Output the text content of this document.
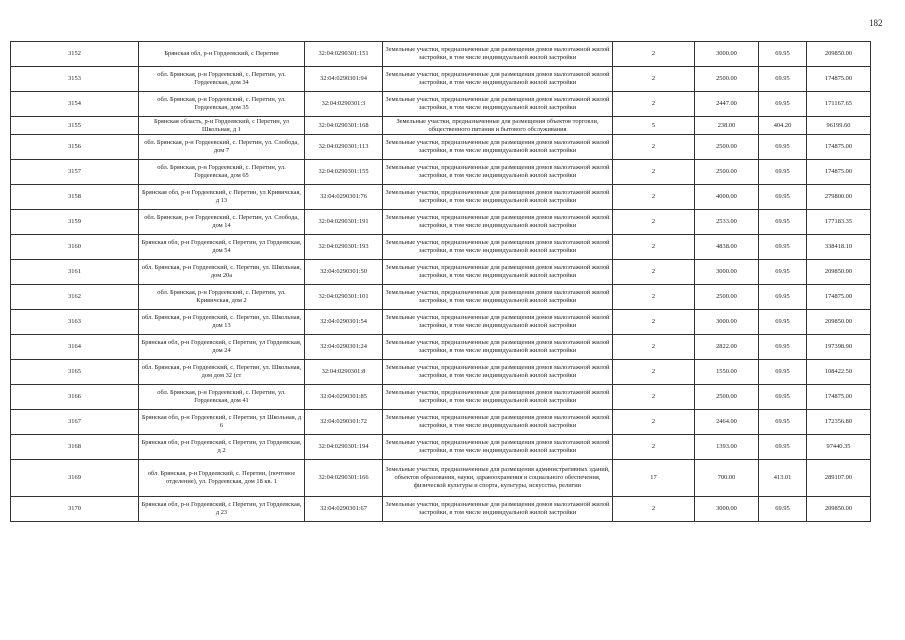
182
3152	Брянская обл, р-н Гордеевский, с Перетин	32:04:0290301:151	Земельные участки, предназначенные для размещения домов малоэтажной жилой застройки, в том числе индивидуальной жилой застройки	2	3000.00	69.95	209850.00
3153	обл. Брянская, р-н Гордеевский, с. Перетин, ул. Гордеевская, дом 34	32:04:0290301:94	Земельные участки, предназначенные для размещения домов малоэтажной жилой застройки, в том числе индивидуальной жилой застройки	2	2500.00	69.95	174875.00
3154	обл. Брянская, р-н Гордеевский, с. Перетин, ул. Гордеевская, дом 35	32:04:0290301:3	Земельные участки, предназначенные для размещения домов малоэтажной жилой застройки, в том числе индивидуальной жилой застройки	2	2447.00	69.95	171167.65
3155	Брянская область, р-н Гордеевский, с Перетин, ул Школьная, д 1	32:04:0290301:168	Земельные участки, предназначенные для размещения объектов торговли, общественного питания и бытового обслуживания	5	238.00	404.20	96199.60
3156	обл. Брянская, р-н Гордеевский, с. Перетин, ул. Слобода, дом 7	32:04:0290301:113	Земельные участки, предназначенные для размещения домов малоэтажной жилой застройки, в том числе индивидуальной жилой застройки	2	2500.00	69.95	174875.00
3157	обл. Брянская, р-н Гордеевский, с. Перетин, ул. Гордеевская, дом 65	32:04:0290301:155	Земельные участки, предназначенные для размещения домов малоэтажной жилой застройки, в том числе индивидуальной жилой застройки	2	2500.00	69.95	174875.00
3158	Брянская обл, р-н Гордеевский, с Перетин, ул Кривичская, д 13	32:04:0290301:76	Земельные участки, предназначенные для размещения домов малоэтажной жилой застройки, в том числе индивидуальной жилой застройки	2	4000.00	69.95	279800.00
3159	обл. Брянская, р-н Гордеевский, с. Перетин, ул. Слобода, дом 14	32:04:0290301:191	Земельные участки, предназначенные для размещения домов малоэтажной жилой застройки, в том числе индивидуальной жилой застройки	2	2533.00	69.95	177183.35
3160	Брянская обл, р-н Гордеевский, с Перетин, ул Гордеевская, дом 54	32:04:0290301:193	Земельные участки, предназначенные для размещения домов малоэтажной жилой застройки, в том числе индивидуальной жилой застройки	2	4838.00	69.95	338418.10
3161	обл. Брянская, р-н Гордеевский, с. Перетин, ул. Школьная, дом 20а	32:04:0290301:50	Земельные участки, предназначенные для размещения домов малоэтажной жилой застройки, в том числе индивидуальной жилой застройки	2	3000.00	69.95	209850.00
3162	обл. Брянская, р-н Гордеевский, с. Перетин, ул. Кривичская, дом 2	32:04:0290301:101	Земельные участки, предназначенные для размещения домов малоэтажной жилой застройки, в том числе индивидуальной жилой застройки	2	2500.00	69.95	174875.00
3163	обл. Брянская, р-н Гордеевский, с. Перетин, ул. Школьная, дом 13	32:04:0290301:54	Земельные участки, предназначенные для размещения домов малоэтажной жилой застройки, в том числе индивидуальной жилой застройки	2	3000.00	69.95	209850.00
3164	Брянская обл, р-н Гордеевский, с Перетин, ул Гордеевская, дом 24	32:04:0290301:24	Земельные участки, предназначенные для размещения домов малоэтажной жилой застройки, в том числе индивидуальной жилой застройки	2	2822.00	69.95	197398.90
3165	обл. Брянская, р-н Гордеевский, с. Перетин, ул. Школьная, дом дом 32 (ст	32:04:0290301:8	Земельные участки, предназначенные для размещения домов малоэтажной жилой застройки, в том числе индивидуальной жилой застройки	2	1550.00	69.95	108422.50
3166	обл. Брянская, р-н Гордеевский, с. Перетин, ул. Гордеевская, дом 41	32:04:0290301:85	Земельные участки, предназначенные для размещения домов малоэтажной жилой застройки, в том числе индивидуальной жилой застройки	2	2500.00	69.95	174875.00
3167	Брянская обл, р-н Гордеевский, с Перетин, ул Школьная, д 6	32:04:0290301:72	Земельные участки, предназначенные для размещения домов малоэтажной жилой застройки, в том числе индивидуальной жилой застройки	2	2464.00	69.95	172356.80
3168	Брянская обл, р-н Гордеевский, с Перетин, ул Гордеевская, д 2	32:04:0290301:194	Земельные участки, предназначенные для размещения домов малоэтажной жилой застройки, в том числе индивидуальной жилой застройки	2	1393.00	69.95	97440.35
3169	обл. Брянская, р-н Гордеевский, с. Перетин, (почтовое отделение), ул. Гордеевская, дом 18 кв. 1	32:04:0290301:166	Земельные участки, предназначенные для размещения административных зданий, объектов образования, науки, здравоохранения и социального обеспечения, физической культуры и спорта, культуры, искусства, религии	17	700.00	413.01	289107.00
3170	Брянская обл, р-н Гордеевский, с Перетин, ул Гордеевская, д 23	32:04:0290301:67	Земельные участки, предназначенные для размещения домов малоэтажной жилой застройки, в том числе индивидуальной жилой застройки	2	3000.00	69.95	209850.00
